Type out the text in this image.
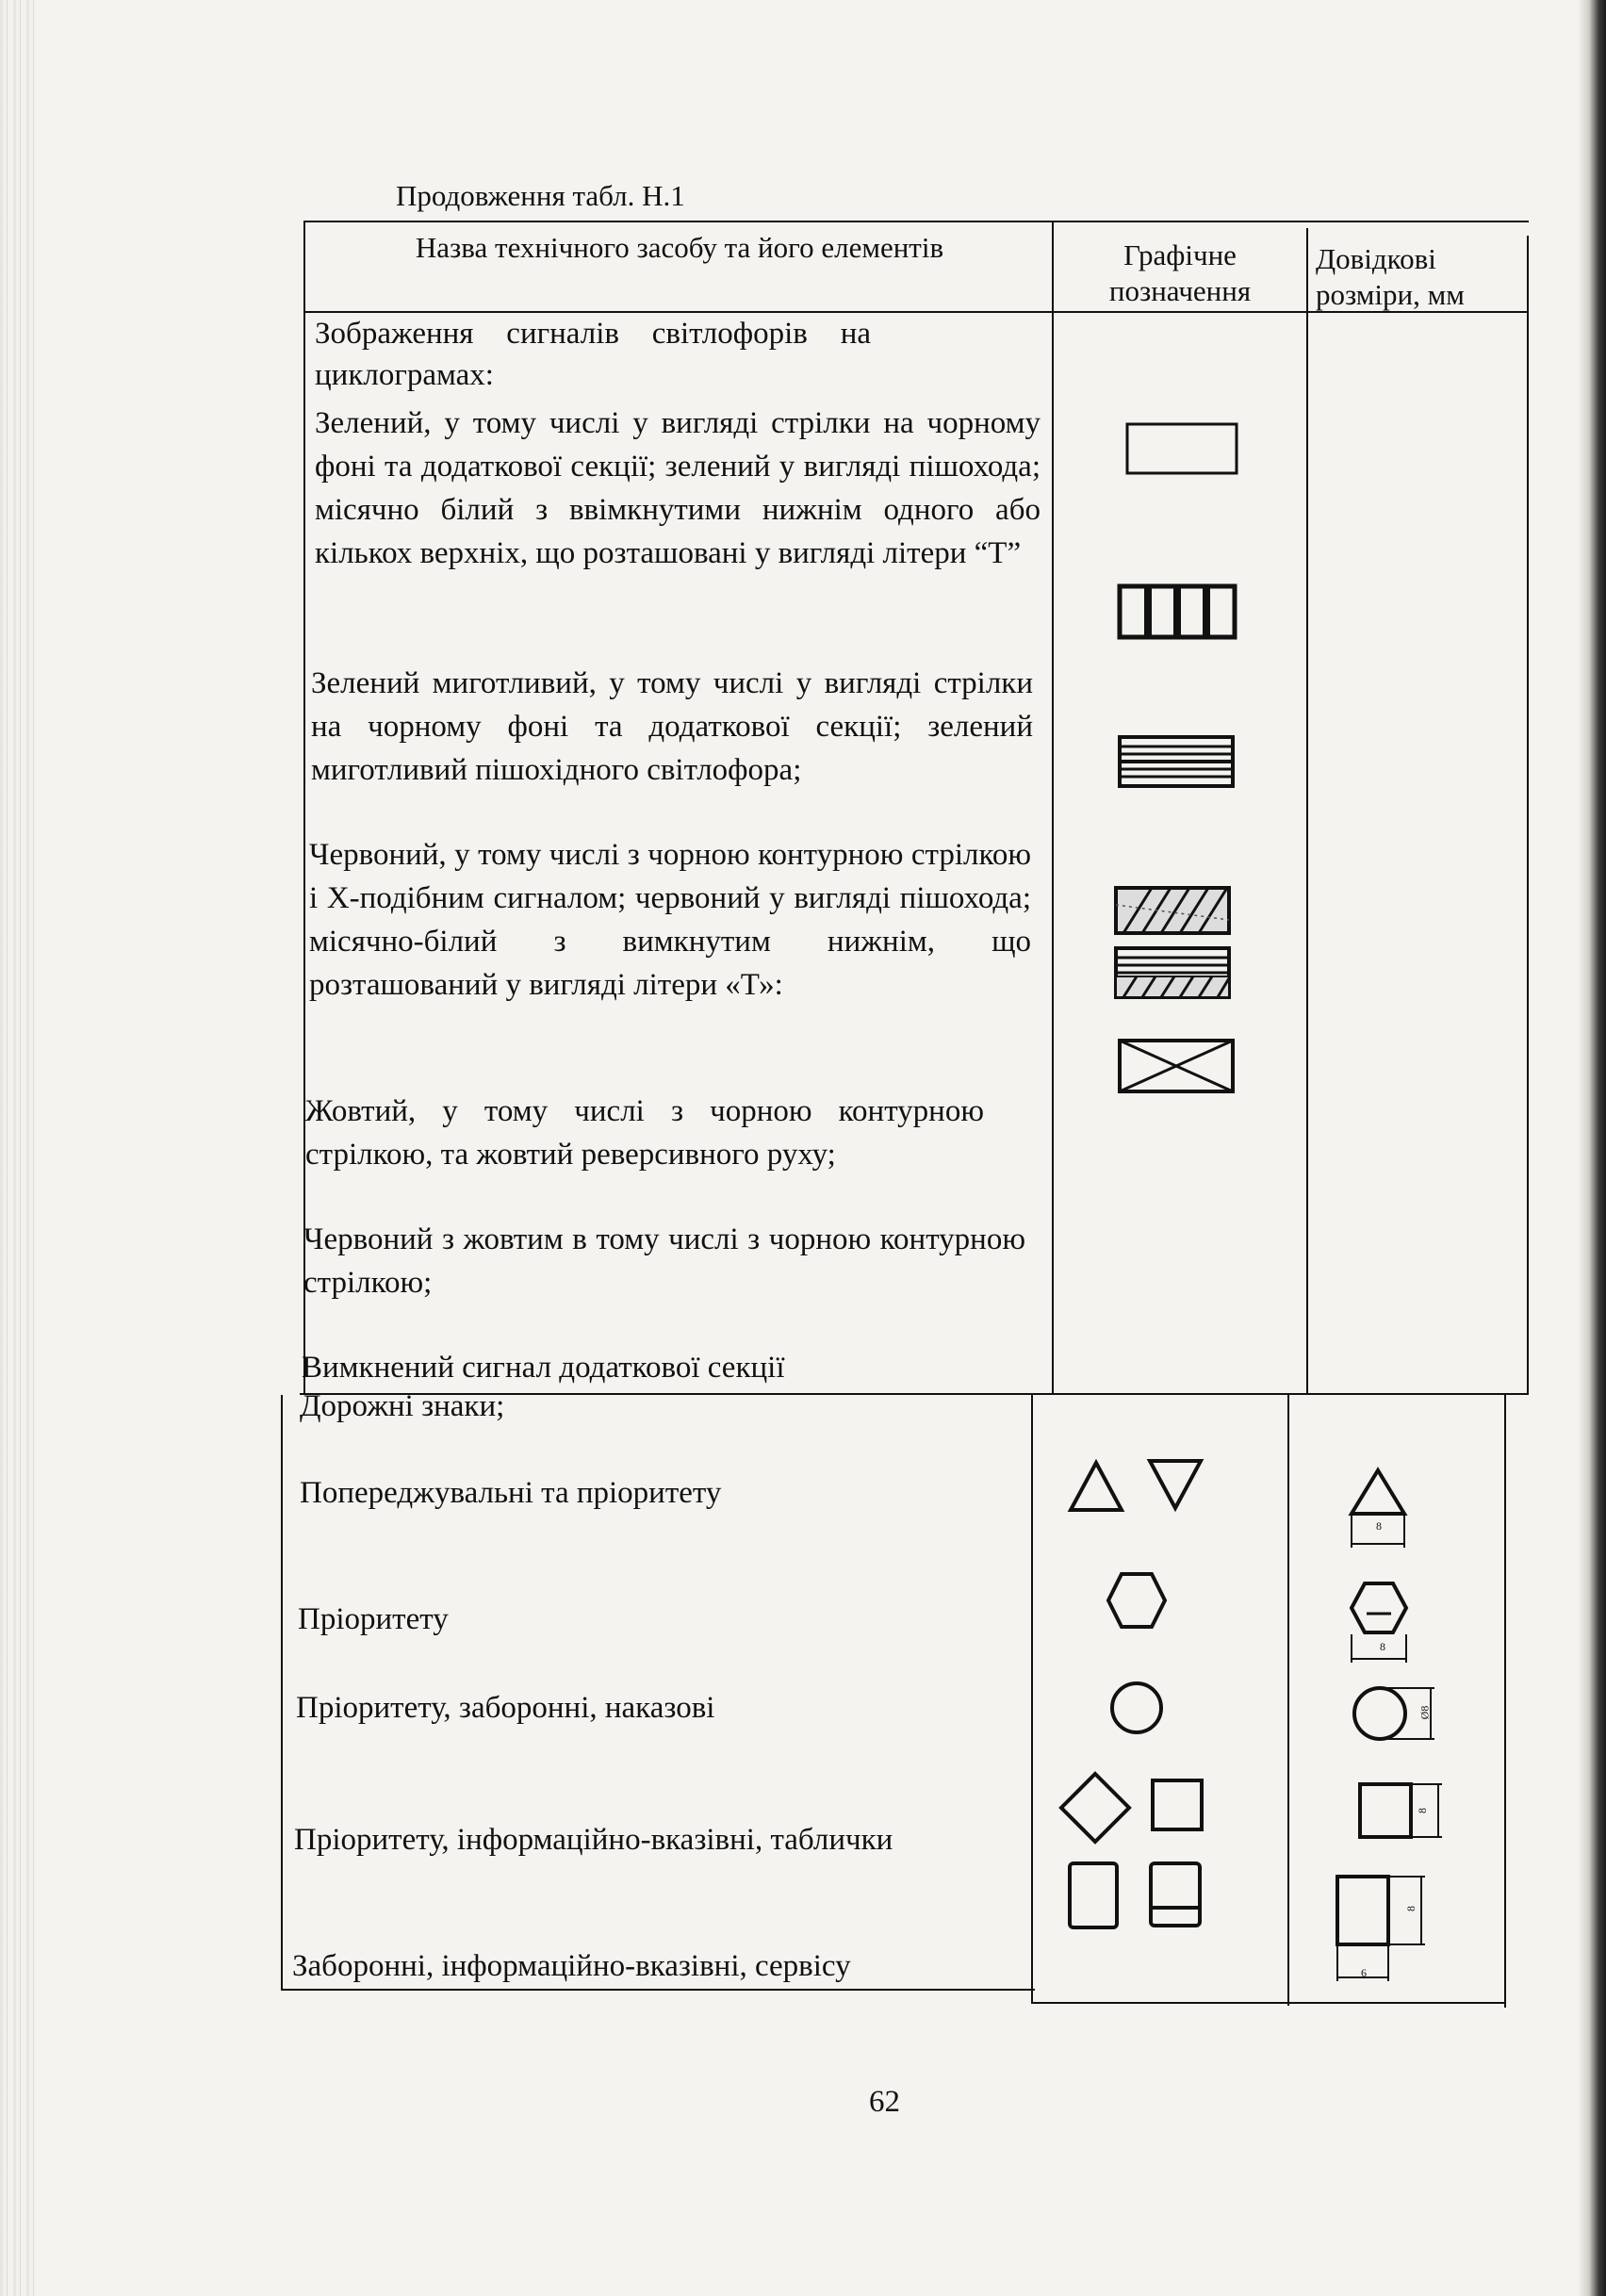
Продовження табл. Н.1
Назва технічного засобу та його елементів	Графічне позначення
Довідкові розміри, мм
Зображення сигналів світлофорів на циклограмах:
Зелений, у тому числі у вигляді стрілки на чорному фоні та додаткової секції; зелений у вигляді пішохода; місячно білий з ввімкнутими нижнім одного або кількох верхніх, що розташовані у вигляді літери “Т”
Зелений миготливий, у тому числі у вигляді стрілки на чорному фоні та додаткової секції; зелений миготливий пішохідного світлофора;
Червоний, у тому числі з чорною контурною стрілкою і Х-подібним сигналом; червоний у вигляді пішохода; місячно-білий з вимкнутим нижнім, що розташований у вигляді літери «Т»:
Жовтий, у тому числі з чорною контурною стрілкою, та жовтий реверсивного руху;
Червоний з жовтим в тому числі з чорною контурною стрілкою;
Вимкнений сигнал додаткової секції
Дорожні знаки;
Попереджувальні та пріоритету
Пріоритету
Пріоритету, заборонні, наказові
Пріоритету, інформаційно-вказівні, таблички
Заборонні, інформаційно-вказівні, сервісу
8
8
Ø8
8
8
6
62
